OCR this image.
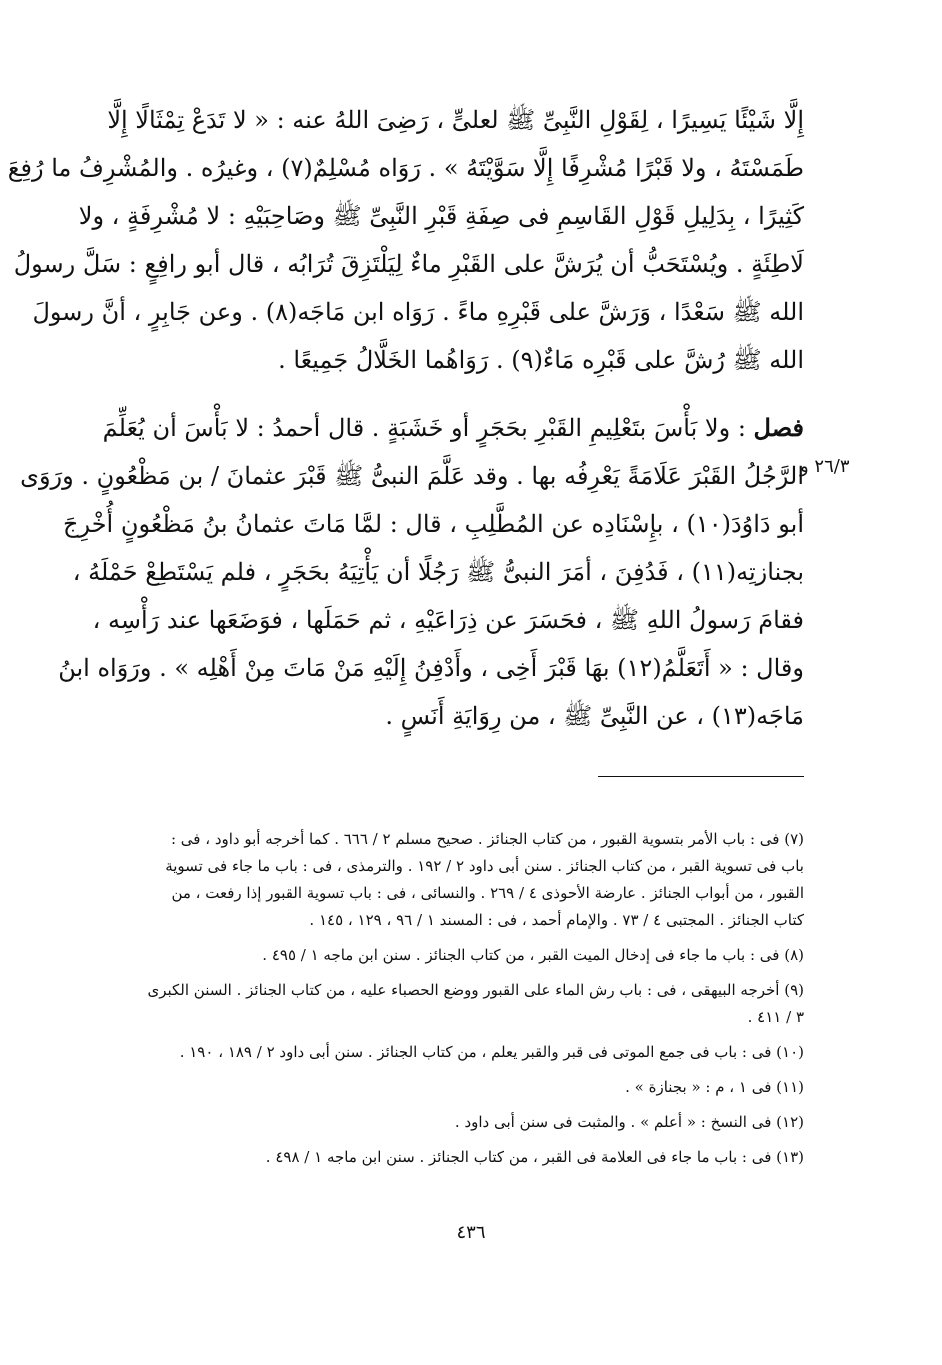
إِلَّا شَيْئًا يَسِيرًا ، لِقَوْلِ النَّبِىِّ ﷺ لعلىٍّ ، رَضِىَ اللهُ عنه : « لا تَدَعْ تِمْثَالًا إِلَّا
طَمَسْتَهُ ، ولا قَبْرًا مُشْرِفًا إِلَّا سَوَّيْتَهُ » . رَوَاه مُسْلِمٌ(٧) ، وغيرُه . والمُشْرِفُ ما رُفِعَ
كَثِيرًا ، بِدَلِيلِ قَوْلِ القَاسِمِ فى صِفَةِ قَبْرِ النَّبِىِّ ﷺ وصَاحِبَيْهِ : لا مُشْرِفَةٍ ، ولا
لَاطِئَةٍ . ويُسْتَحَبُّ أن يُرَشَّ على القَبْرِ ماءٌ لِيَلْتَزِقَ تُرَابُه ، قال أبو رافِعٍ : سَلَّ رسولُ
الله ﷺ سَعْدًا ، وَرَشَّ على قَبْرِهِ ماءً . رَوَاه ابن مَاجَه(٨) . وعن جَابِرٍ ، أنَّ رسولَ
الله ﷺ رُشَّ على قَبْرِه مَاءٌ(٩) . رَوَاهُما الخَلَّالُ جَمِيعًا .
فصل : ولا بَأْسَ بتَعْلِيمِ القَبْرِ بحَجَرٍ أو خَشَبَةٍ . قال أحمدُ : لا بَأْسَ أن يُعَلِّمَ
الرَّجُلُ القَبْرَ عَلَامَةً يَعْرِفُه بها . وقد عَلَّمَ النبىُّ ﷺ قَبْرَ عثمانَ / بن مَظْعُونٍ . ورَوَى
أبو دَاوُدَ(١٠) ، بإِسْنَادِه عن المُطَّلِبِ ، قال : لمَّا مَاتَ عثمانُ بنُ مَظْعُونٍ أُخْرِجَ
بجنازتِه(١١) ، فَدُفِنَ ، أمَرَ النبىُّ ﷺ رَجُلًا أن يَأْتِيَهُ بحَجَرٍ ، فلم يَسْتَطِعْ حَمْلَهُ ،
فقامَ رَسولُ اللهِ ﷺ ، فحَسَرَ عن ذِرَاعَيْهِ ، ثم حَمَلَها ، فوَضَعَها عند رَأْسِه ،
وقال : « أَتَعَلَّمُ(١٢) بهَا قَبْرَ أَخِى ، وأَدْفِنُ إِلَيْهِ مَنْ مَاتَ مِنْ أَهْلِه » . ورَوَاه ابنُ
مَاجَه(١٣) ، عن النَّبِىِّ ﷺ ، من رِوَايَةِ أَنَسٍ .
٢٦/٣ و
(٧) فى : باب الأمر بتسوية القبور ، من كتاب الجنائز . صحيح مسلم ٢ / ٦٦٦ . كما أخرجه أبو داود ، فى :
باب فى تسوية القبر ، من كتاب الجنائز . سنن أبى داود ٢ / ١٩٢ . والترمذى ، فى : باب ما جاء فى تسوية
القبور ، من أبواب الجنائز . عارضة الأحوذى ٤ / ٢٦٩ . والنسائى ، فى : باب تسوية القبور إذا رفعت ، من
كتاب الجنائز . المجتبى ٤ / ٧٣ . والإمام أحمد ، فى : المسند ١ / ٩٦ ، ١٢٩ ، ١٤٥ .
(٨) فى : باب ما جاء فى إدخال الميت القبر ، من كتاب الجنائز . سنن ابن ماجه ١ / ٤٩٥ .
(٩) أخرجه البيهقى ، فى : باب رش الماء على القبور ووضع الحصباء عليه ، من كتاب الجنائز . السنن الكبرى
٣ / ٤١١ .
(١٠) فى : باب فى جمع الموتى فى قبر والقبر يعلم ، من كتاب الجنائز . سنن أبى داود ٢ / ١٨٩ ، ١٩٠ .
(١١) فى ١ ، م : « بجنازة » .
(١٢) فى النسخ : « أعلم » . والمثبت فى سنن أبى داود .
(١٣) فى : باب ما جاء فى العلامة فى القبر ، من كتاب الجنائز . سنن ابن ماجه ١ / ٤٩٨ .
٤٣٦
